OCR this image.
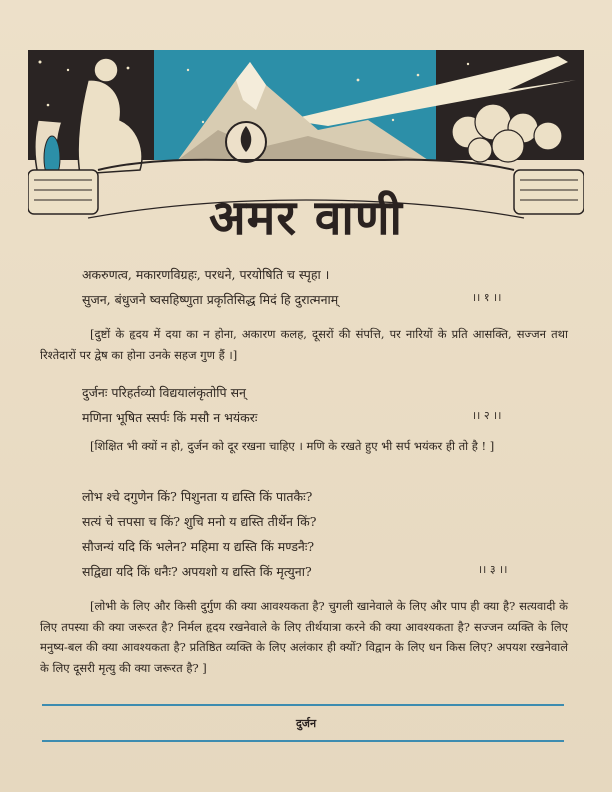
अमर वाणी
अकरुणत्व, मकारणविग्रहः, परधने, परयोषिति च स्पृहा ।
सुजन, बंधुजने ष्वसहिष्णुता प्रकृतिसिद्ध मिदं हि दुरात्मनाम्	।। १ ।।
[दुष्टों के हृदय में दया का न होना, अकारण कलह, दूसरों की संपत्ति, पर नारियों के प्रति आसक्ति, सज्जन तथा रिश्तेदारों पर द्वेष का होना उनके सहज गुण हैं ।]
दुर्जनः परिहर्तव्यो विद्ययालंकृतोपि सन्
मणिना भूषित स्सर्पः किं मसौ न भयंकरः	।। २ ।।
[शिक्षित भी क्यों न हो, दुर्जन को दूर रखना चाहिए । मणि के रखते हुए भी सर्प भयंकर ही तो है ! ]
लोभ श्चे दगुणेन किं? पिशुनता य द्यस्ति किं पातकैः?
सत्यं चे त्तपसा च किं? शुचि मनो य द्यस्ति तीर्थेन किं?
सौजन्यं यदि किं भलेन? महिमा य द्यस्ति किं मण्डनैः?
सद्विद्या यदि किं धनैः? अपयशो य द्यस्ति किं मृत्युना?	।। ३ ।।
[लोभी के लिए और किसी दुर्गुण की क्या आवश्यकता है? चुगली खानेवाले के लिए और पाप ही क्या है? सत्यवादी के लिए तपस्या की क्या जरूरत है? निर्मल हृदय रखनेवाले के लिए तीर्थयात्रा करने की क्या आवश्यकता है? सज्जन व्यक्ति के लिए मनुष्य-बल की क्या आवश्यकता है? प्रतिष्ठित व्यक्ति के लिए अलंकार ही क्यों? विद्वान के लिए धन किस लिए? अपयश रखनेवाले के लिए दूसरी मृत्यु की क्या जरूरत है? ]
दुर्जन
